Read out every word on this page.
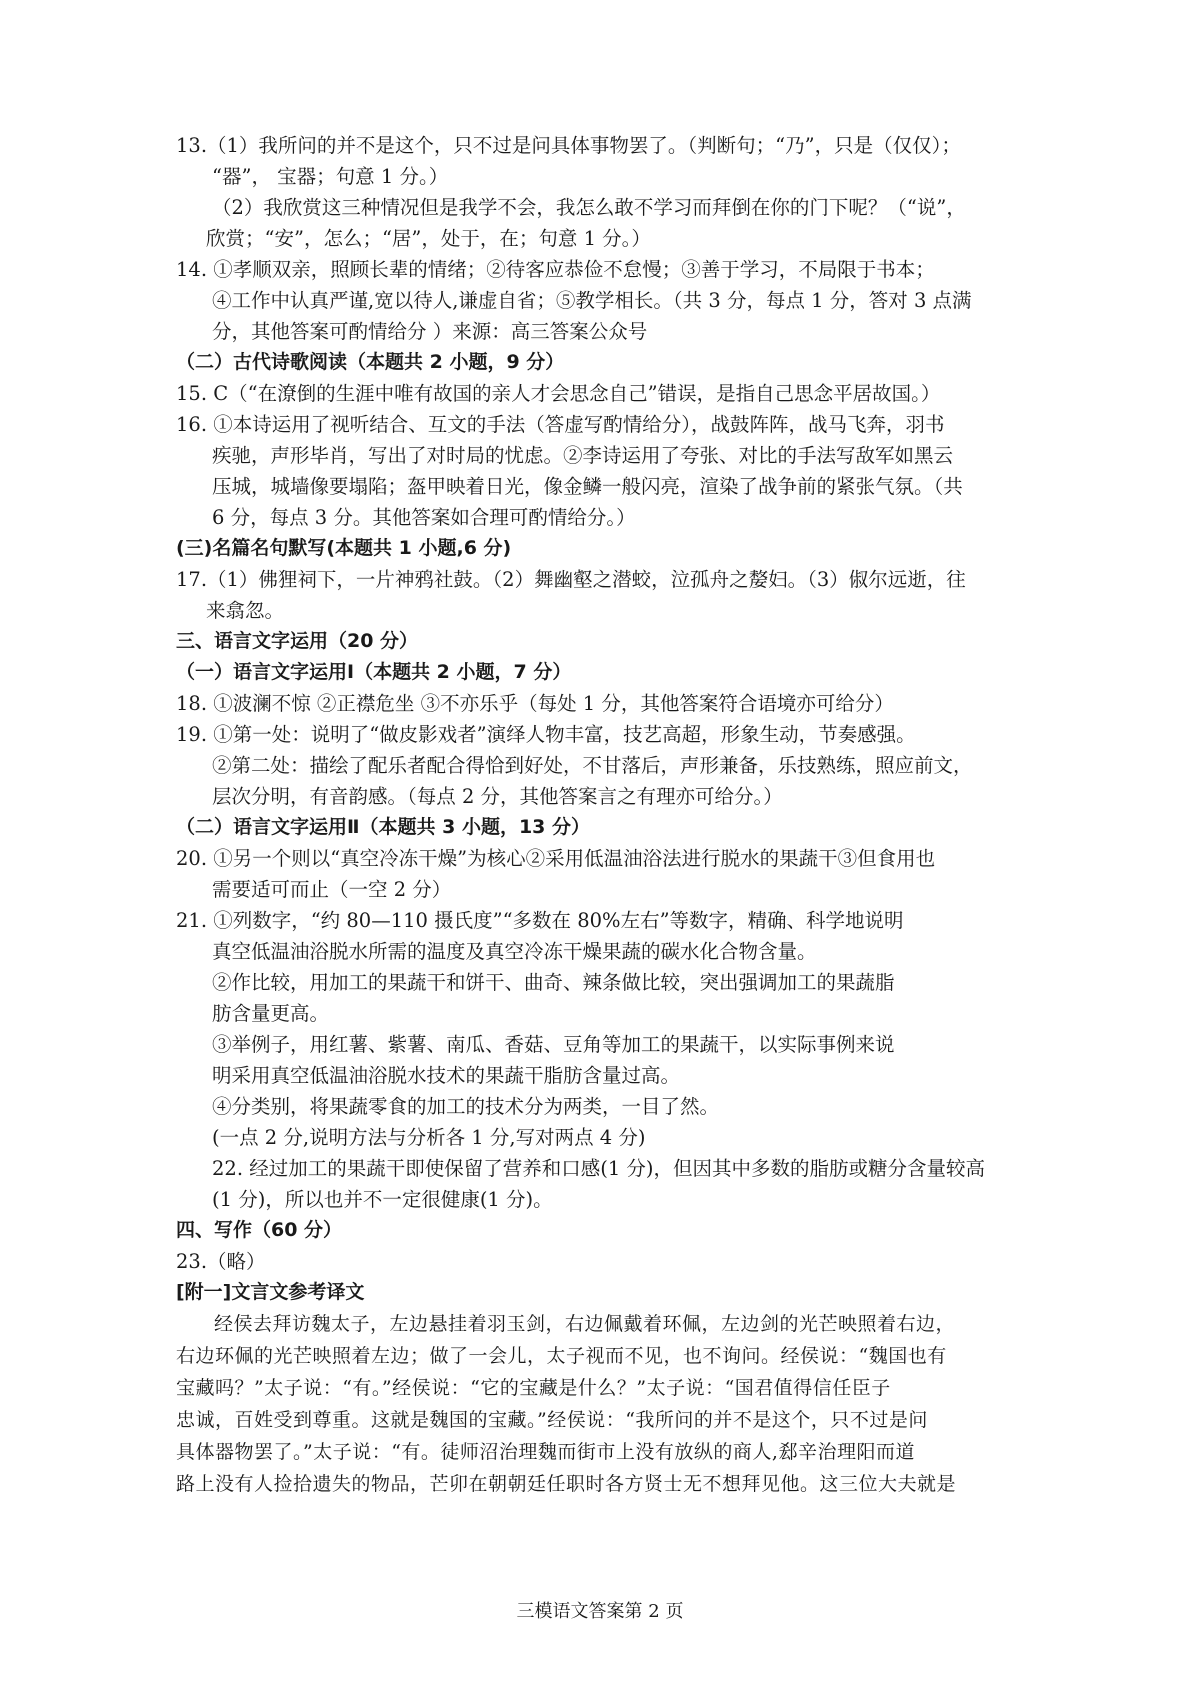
13.（1）我所问的并不是这个，只不过是问具体事物罢了。（判断句；“乃”，只是（仅仅）；
“器”， 宝器；句意 1 分。）
（2）我欣赏这三种情况但是我学不会，我怎么敢不学习而拜倒在你的门下呢？（“说”，
欣赏；“安”，怎么；“居”，处于，在；句意 1 分。）
14. ①孝顺双亲，照顾长辈的情绪；②待客应恭俭不怠慢；③善于学习，不局限于书本；
④工作中认真严谨,宽以待人,谦虚自省；⑤教学相长。（共 3 分，每点 1 分，答对 3 点满
分，其他答案可酌情给分 ）来源：高三答案公众号
（二）古代诗歌阅读（本题共 2 小题，9 分）
15. C（“在潦倒的生涯中唯有故国的亲人才会思念自己”错误，是指自己思念平居故国。）
16. ①本诗运用了视听结合、互文的手法（答虚写酌情给分），战鼓阵阵，战马飞奔，羽书
疾驰，声形毕肖，写出了对时局的忧虑。②李诗运用了夸张、对比的手法写敌军如黑云
压城，城墙像要塌陷；盔甲映着日光，像金鳞一般闪亮，渲染了战争前的紧张气氛。（共
6 分，每点 3 分。其他答案如合理可酌情给分。）
(三)名篇名句默写(本题共 1 小题,6 分)
17.（1）佛狸祠下，一片神鸦社鼓。（2）舞幽壑之潜蛟，泣孤舟之嫠妇。（3）俶尔远逝，往
来翕忽。
三、语言文字运用（20 分）
（一）语言文字运用Ⅰ（本题共 2 小题，7 分）
18. ①波澜不惊 ②正襟危坐 ③不亦乐乎（每处 1 分，其他答案符合语境亦可给分）
19. ①第一处：说明了“做皮影戏者”演绎人物丰富，技艺高超，形象生动，节奏感强。
②第二处：描绘了配乐者配合得恰到好处，不甘落后，声形兼备，乐技熟练，照应前文，
层次分明，有音韵感。（每点 2 分，其他答案言之有理亦可给分。）
（二）语言文字运用Ⅱ（本题共 3 小题，13 分）
20. ①另一个则以“真空冷冻干燥”为核心②采用低温油浴法进行脱水的果蔬干③但食用也
需要适可而止（一空 2 分）
21. ①列数字，“约 80—110 摄氏度”“多数在 80%左右”等数字，精确、科学地说明
真空低温油浴脱水所需的温度及真空冷冻干燥果蔬的碳水化合物含量。
②作比较，用加工的果蔬干和饼干、曲奇、辣条做比较，突出强调加工的果蔬脂
肪含量更高。
③举例子，用红薯、紫薯、南瓜、香菇、豆角等加工的果蔬干，以实际事例来说
明采用真空低温油浴脱水技术的果蔬干脂肪含量过高。
④分类别，将果蔬零食的加工的技术分为两类，一目了然。
(一点 2 分,说明方法与分析各 1 分,写对两点 4 分)
22. 经过加工的果蔬干即使保留了营养和口感(1 分)，但因其中多数的脂肪或糖分含量较高
(1 分)，所以也并不一定很健康(1 分)。
四、写作（60 分）
23.（略）
[附一]文言文参考译文
经侯去拜访魏太子，左边悬挂着羽玉剑，右边佩戴着环佩，左边剑的光芒映照着右边，
右边环佩的光芒映照着左边；做了一会儿，太子视而不见，也不询问。经侯说：“魏国也有
宝藏吗？”太子说：“有。”经侯说：“它的宝藏是什么？”太子说：“国君值得信任臣子
忠诚，百姓受到尊重。这就是魏国的宝藏。”经侯说：“我所问的并不是这个，只不过是问
具体器物罢了。”太子说：“有。徒师沼治理魏而街市上没有放纵的商人,郄辛治理阳而道
路上没有人捡拾遗失的物品，芒卯在朝朝廷任职时各方贤士无不想拜见他。这三位大夫就是
三模语文答案第 2 页
